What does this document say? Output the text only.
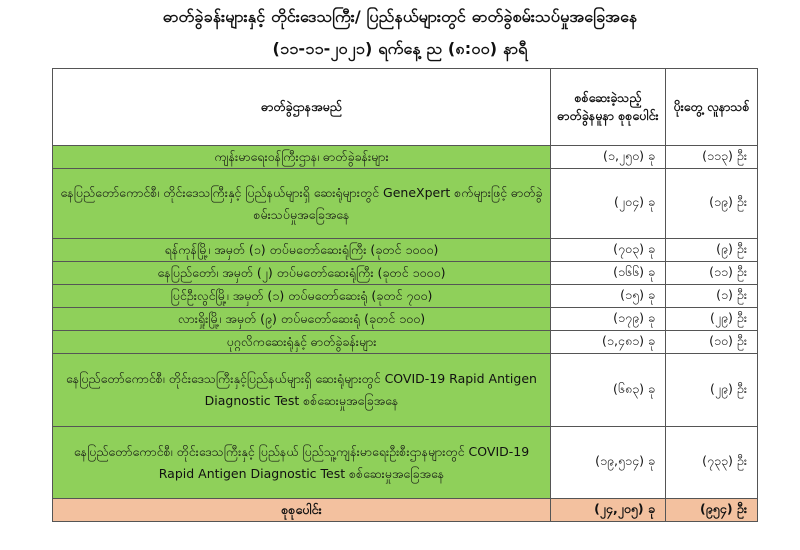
ဓာတ်ခွဲခန်းများနှင့် တိုင်းဒေသကြီး/ ပြည်နယ်များတွင် ဓာတ်ခွဲစမ်းသပ်မှုအခြေအနေ
(၁၁-၁၁-၂၀၂၁) ရက်နေ့ ည (၈:၀၀) နာရီ
ဓာတ်ခွဲဌာနအမည်	စစ်ဆေးခဲ့သည့် ဓာတ်ခွဲနမူနာ စုစုပေါင်း	ပိုးတွေ့ လူနာသစ်
ကျန်းမာရေးဝန်ကြီးဌာန၊ ဓာတ်ခွဲခန်းများ	(၁,၂၅၀) ခု	(၁၁၃) ဦး
နေပြည်တော်ကောင်စီ၊ တိုင်းဒေသကြီးနှင့် ပြည်နယ်များရှိ ဆေးရုံများတွင် GeneXpert စက်များဖြင့် ဓာတ်ခွဲစမ်းသပ်မှုအခြေအနေ	(၂၀၄) ခု	(၁၉) ဦး
ရန်ကုန်မြို့၊ အမှတ် (၁) တပ်မတော်ဆေးရုံကြီး (ခုတင် ၁၀၀၀)	(၇၀၃) ခု	(၉) ဦး
နေပြည်တော်၊ အမှတ် (၂) တပ်မတော်ဆေးရုံကြီး (ခုတင် ၁၀၀၀)	(၁၆၆) ခု	(၁၁) ဦး
ပြင်ဦးလွင်မြို့၊ အမှတ် (၁) တပ်မတော်ဆေးရုံ (ခုတင် ၇၀၀)	(၁၅) ခု	(၁) ဦး
လားရှိုးမြို့၊ အမှတ် (၉) တပ်မတော်ဆေးရုံ (ခုတင် ၁၀၀)	(၁၇၉) ခု	(၂၉) ဦး
ပုဂ္ဂလိကဆေးရုံနှင့် ဓာတ်ခွဲခန်းများ	(၁,၄၈၁) ခု	(၁၀) ဦး
နေပြည်တော်ကောင်စီ၊ တိုင်းဒေသကြီးနှင့်ပြည်နယ်များရှိ ဆေးရုံများတွင် COVID-19 Rapid Antigen Diagnostic Test စစ်ဆေးမှုအခြေအနေ	(၆၈၃) ခု	(၂၉) ဦး
နေပြည်တော်ကောင်စီ၊ တိုင်းဒေသကြီးနှင့် ပြည်နယ် ပြည်သူ့ကျန်းမာရေးဦးစီးဌာနများတွင် COVID-19 Rapid Antigen Diagnostic Test စစ်ဆေးမှုအခြေအနေ	(၁၉,၅၁၄) ခု	(၇၃၃) ဦး
စုစုပေါင်း	(၂၄,၂၀၅) ခု	(၉၅၄) ဦး
